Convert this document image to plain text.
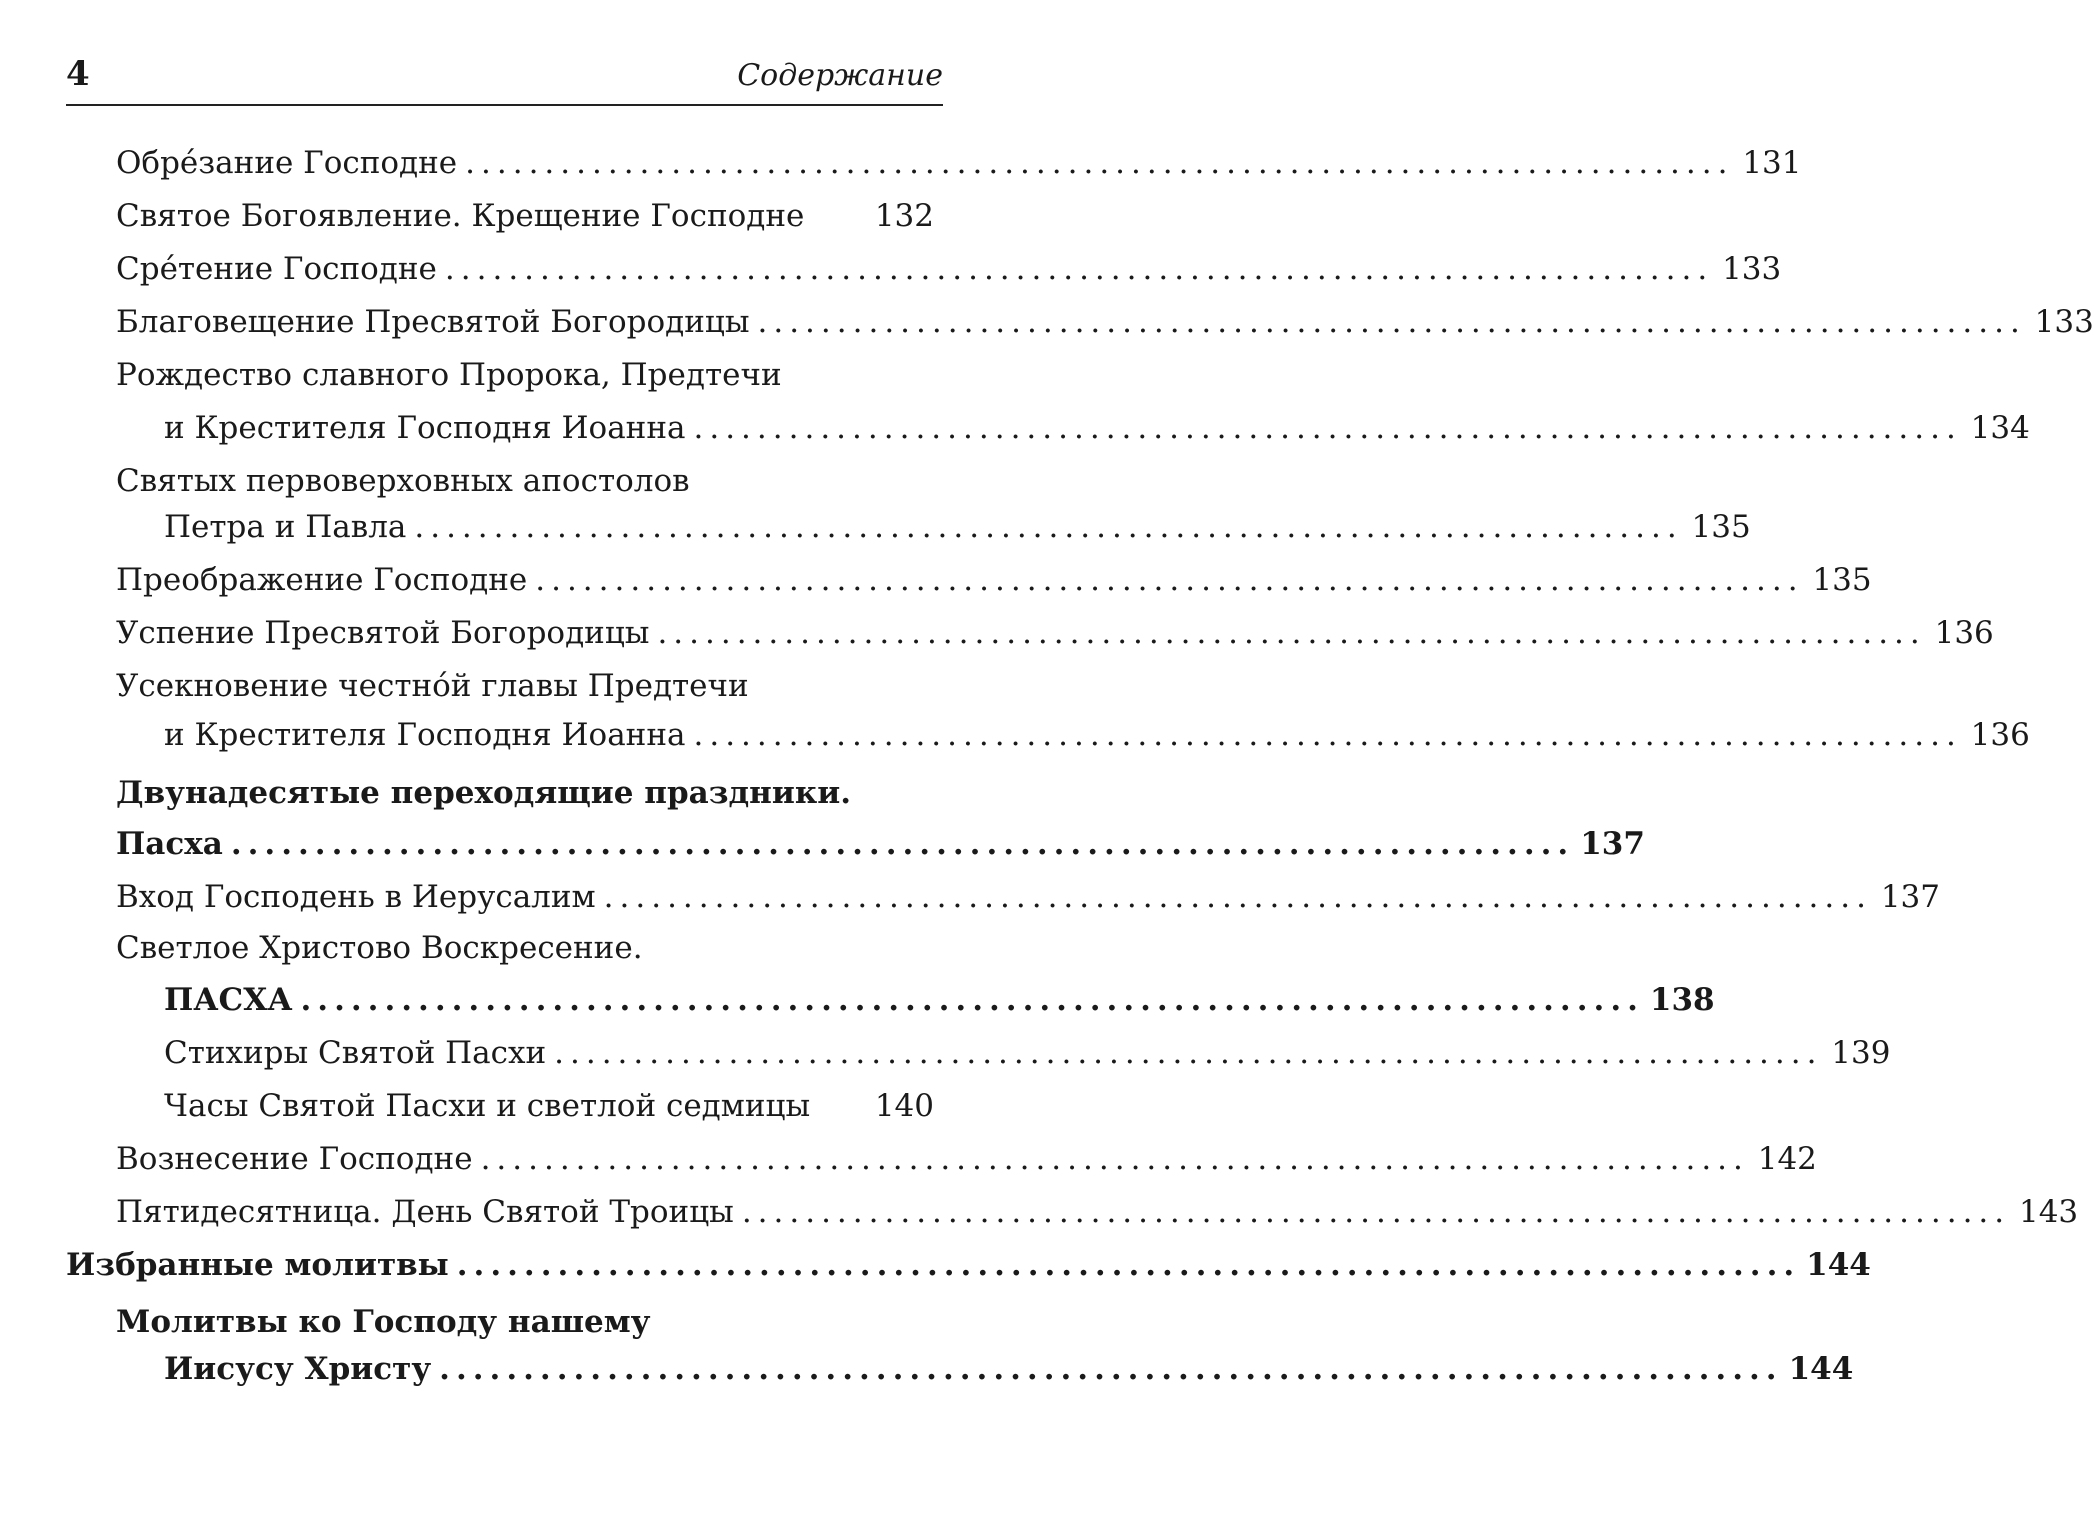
4	Содержание
Обрéзание Господне ................................................................................ 131
Святое Богоявление. Крещение Господне 132
Срéтение Господне ................................................................................ 133
Благовещение Пресвятой Богородицы ................................................................................ 133
Рождество славного Пророка, Предтечи
и Крестителя Господня Иоанна ................................................................................ 134
Святых первоверховных апостолов
Петра и Павла ................................................................................ 135
Преображение Господне ................................................................................ 135
Успение Пресвятой Богородицы ................................................................................ 136
Усекновение честнóй главы Предтечи
и Крестителя Господня Иоанна ................................................................................ 136
Двунадесятые переходящие праздники.
Пасха ................................................................................ 137
Вход Господень в Иерусалим ................................................................................ 137
Светлое Христово Воскресение.
ПАСХА ................................................................................ 138
Стихиры Святой Пасхи ................................................................................ 139
Часы Святой Пасхи и светлой седмицы 140
Вознесение Господне ................................................................................ 142
Пятидесятница. День Святой Троицы ................................................................................ 143
Избранные молитвы ................................................................................ 144
Молитвы ко Господу нашему
Иисусу Христу ................................................................................ 144
